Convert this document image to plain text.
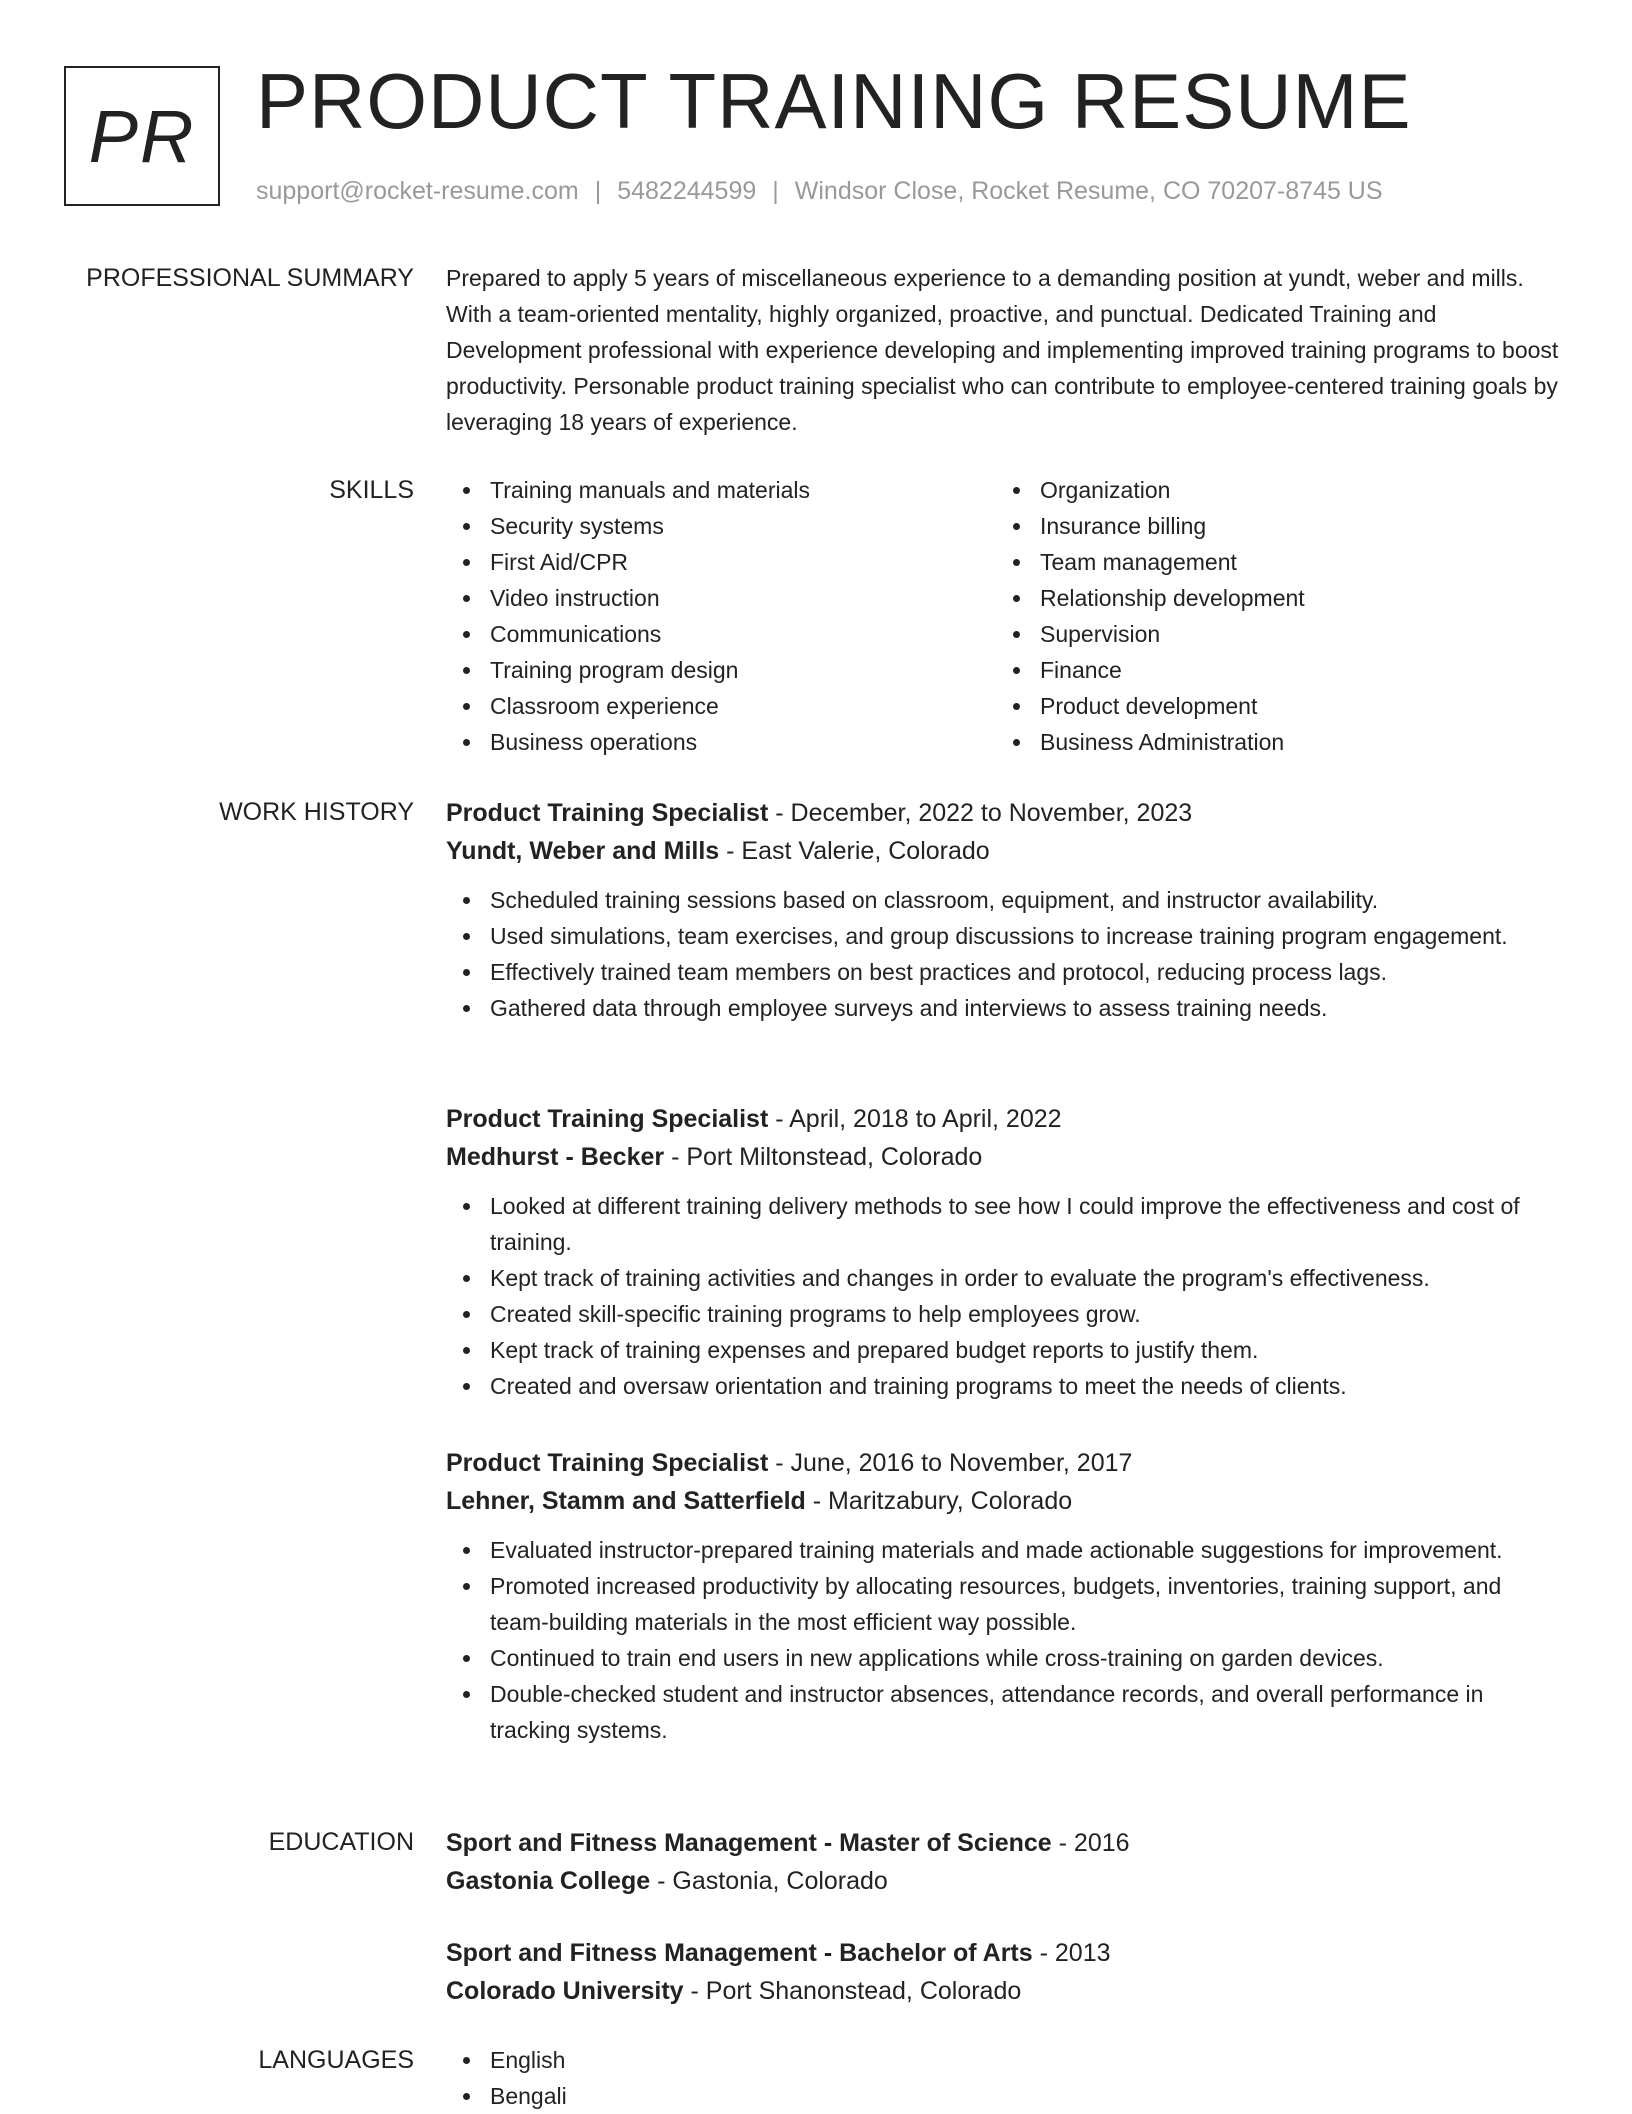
PR PRODUCT TRAINING RESUME
support@rocket-resume.com | 5482244599 | Windsor Close, Rocket Resume, CO 70207-8745 US
PROFESSIONAL SUMMARY Prepared to apply 5 years of miscellaneous experience to a demanding position at yundt, weber and mills. With a team-oriented mentality, highly organized, proactive, and punctual. Dedicated Training and Development professional with experience developing and implementing improved training programs to boost productivity. Personable product training specialist who can contribute to employee-centered training goals by leveraging 18 years of experience.

SKILLS	Training manuals and materials
Security systems
First Aid/CPR
Video instruction
Communications
Training program design
Classroom experience
Business operations
Organization
Insurance billing
Team management
Relationship development
Supervision
Finance
Product development
Business Administration
WORK HISTORY Product Training Specialist - December, 2022 to November, 2023
Yundt, Weber and Mills - East Valerie, Colorado
Scheduled training sessions based on classroom, equipment, and instructor availability.
Used simulations, team exercises, and group discussions to increase training program engagement.
Effectively trained team members on best practices and protocol, reducing process lags.
Gathered data through employee surveys and interviews to assess training needs.
Product Training Specialist - April, 2018 to April, 2022
Medhurst - Becker - Port Miltonstead, Colorado
Looked at different training delivery methods to see how I could improve the effectiveness and cost of training.
Kept track of training activities and changes in order to evaluate the program's effectiveness.
Created skill-specific training programs to help employees grow.
Kept track of training expenses and prepared budget reports to justify them.
Created and oversaw orientation and training programs to meet the needs of clients.
Product Training Specialist - June, 2016 to November, 2017
Lehner, Stamm and Satterfield - Maritzabury, Colorado
Evaluated instructor-prepared training materials and made actionable suggestions for improvement.
Promoted increased productivity by allocating resources, budgets, inventories, training support, and team-building materials in the most efficient way possible.
Continued to train end users in new applications while cross-training on garden devices.
Double-checked student and instructor absences, attendance records, and overall performance in tracking systems.
EDUCATION Sport and Fitness Management - Master of Science - 2016
Gastonia College - Gastonia, Colorado
Sport and Fitness Management - Bachelor of Arts - 2013
Colorado University - Port Shanonstead, Colorado
LANGUAGES	English
Bengali
